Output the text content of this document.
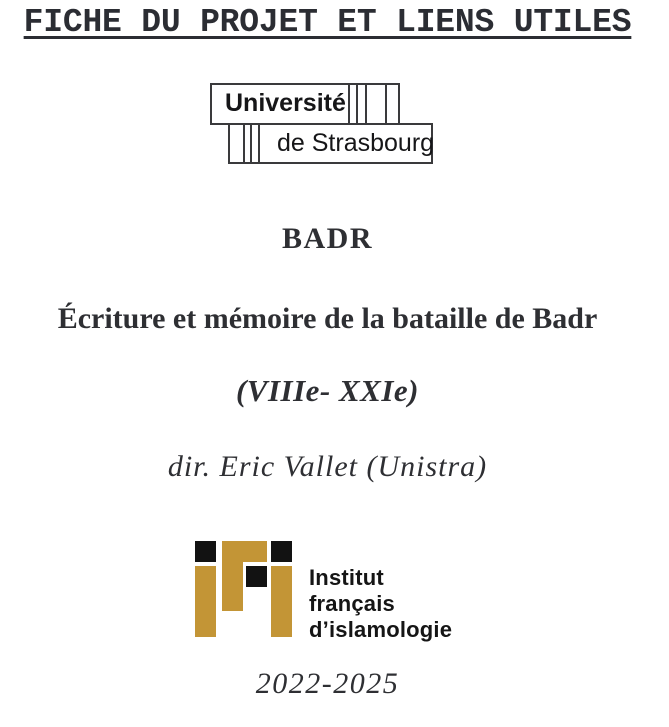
FICHE DU PROJET ET LIENS UTILES
Université
de Strasbourg
BADR
Écriture et mémoire de la bataille de Badr
(VIIIe- XXIe)
dir. Eric Vallet (Unistra)
Institut
français
d’islamologie
2022-2025
